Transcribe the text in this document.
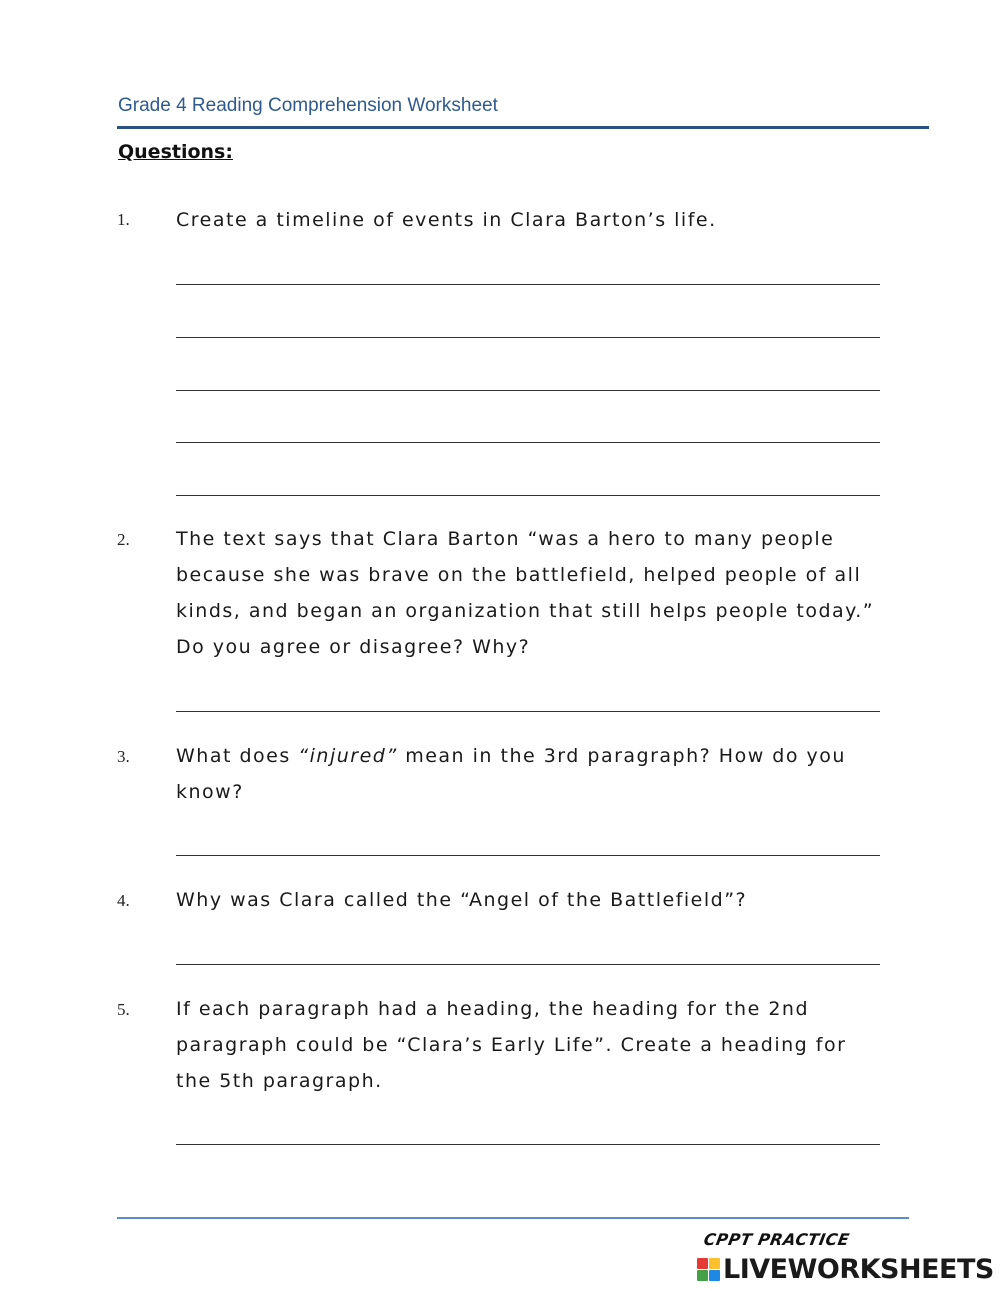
Grade 4 Reading Comprehension Worksheet
Questions:
1. Create a timeline of events in Clara Barton’s life.
2. The text says that Clara Barton “was a hero to many people because she was brave on the battlefield, helped people of all kinds, and began an organization that still helps people today.” Do you agree or disagree? Why?
3. What does “injured” mean in the 3rd paragraph? How do you know?
4. Why was Clara called the “Angel of the Battlefield”?
5. If each paragraph had a heading, the heading for the 2nd paragraph could be “Clara’s Early Life”. Create a heading for the 5th paragraph.
CPPT PRACTICE
LIVEWORKSHEETS
